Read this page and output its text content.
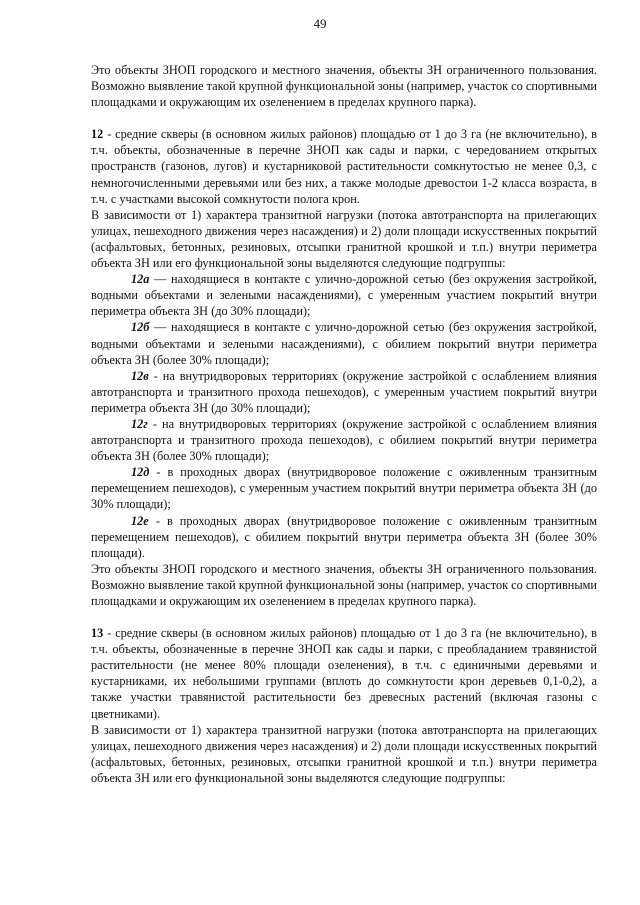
49

Это объекты ЗНОП городского и местного значения, объекты ЗН ограниченного пользования. Возможно выявление такой крупной функциональной зоны (например, участок со спортивными площадками и окружающим их озеленением в пределах крупного парка).

12 - средние скверы (в основном жилых районов) площадью от 1 до 3 га (не включительно), в т.ч. объекты, обозначенные в перечне ЗНОП как сады и парки, с чередованием открытых пространств (газонов, лугов) и кустарниковой растительности сомкнутостью не менее 0,3, с немногочисленными деревьями или без них, а также молодые древостои 1-2 класса возраста, в т.ч. с участками высокой сомкнутости полога крон.

В зависимости от 1) характера транзитной нагрузки (потока автотранспорта на прилегающих улицах, пешеходного движения через насаждения) и 2) доли площади искусственных покрытий (асфальтовых, бетонных, резиновых, отсыпки гранитной крошкой и т.п.) внутри периметра объекта ЗН или его функциональной зоны выделяются следующие подгруппы:

12а — находящиеся в контакте с улично-дорожной сетью (без окружения застройкой, водными объектами и зелеными насаждениями), с умеренным участием покрытий внутри периметра объекта ЗН (до 30% площади);

12б — находящиеся в контакте с улично-дорожной сетью (без окружения застройкой, водными объектами и зелеными насаждениями), с обилием покрытий внутри периметра объекта ЗН (более 30% площади);

12в - на внутридворовых территориях (окружение застройкой с ослаблением влияния автотранспорта и транзитного прохода пешеходов), с умеренным участием покрытий внутри периметра объекта ЗН (до 30% площади);

12г - на внутридворовых территориях (окружение застройкой с ослаблением влияния автотранспорта и транзитного прохода пешеходов), с обилием покрытий внутри периметра объекта ЗН (более 30% площади);

12д - в проходных дворах (внутридворовое положение с оживленным транзитным перемещением пешеходов), с умеренным участием покрытий внутри периметра объекта ЗН (до 30% площади);

12е - в проходных дворах (внутридворовое положение с оживленным транзитным перемещением пешеходов), с обилием покрытий внутри периметра объекта ЗН (более 30% площади).

Это объекты ЗНОП городского и местного значения, объекты ЗН ограниченного пользования. Возможно выявление такой крупной функциональной зоны (например, участок со спортивными площадками и окружающим их озеленением в пределах крупного парка).

13 - средние скверы (в основном жилых районов) площадью от 1 до 3 га (не включительно), в т.ч. объекты, обозначенные в перечне ЗНОП как сады и парки, с преобладанием травянистой растительности (не менее 80% площади озеленения), в т.ч. с единичными деревьями и кустарниками, их небольшими группами (вплоть до сомкнутости крон деревьев 0,1-0,2), а также участки травянистой растительности без древесных растений (включая газоны с цветниками).

В зависимости от 1) характера транзитной нагрузки (потока автотранспорта на прилегающих улицах, пешеходного движения через насаждения) и 2) доли площади искусственных покрытий (асфальтовых, бетонных, резиновых, отсыпки гранитной крошкой и т.п.) внутри периметра объекта ЗН или его функциональной зоны выделяются следующие подгруппы:
